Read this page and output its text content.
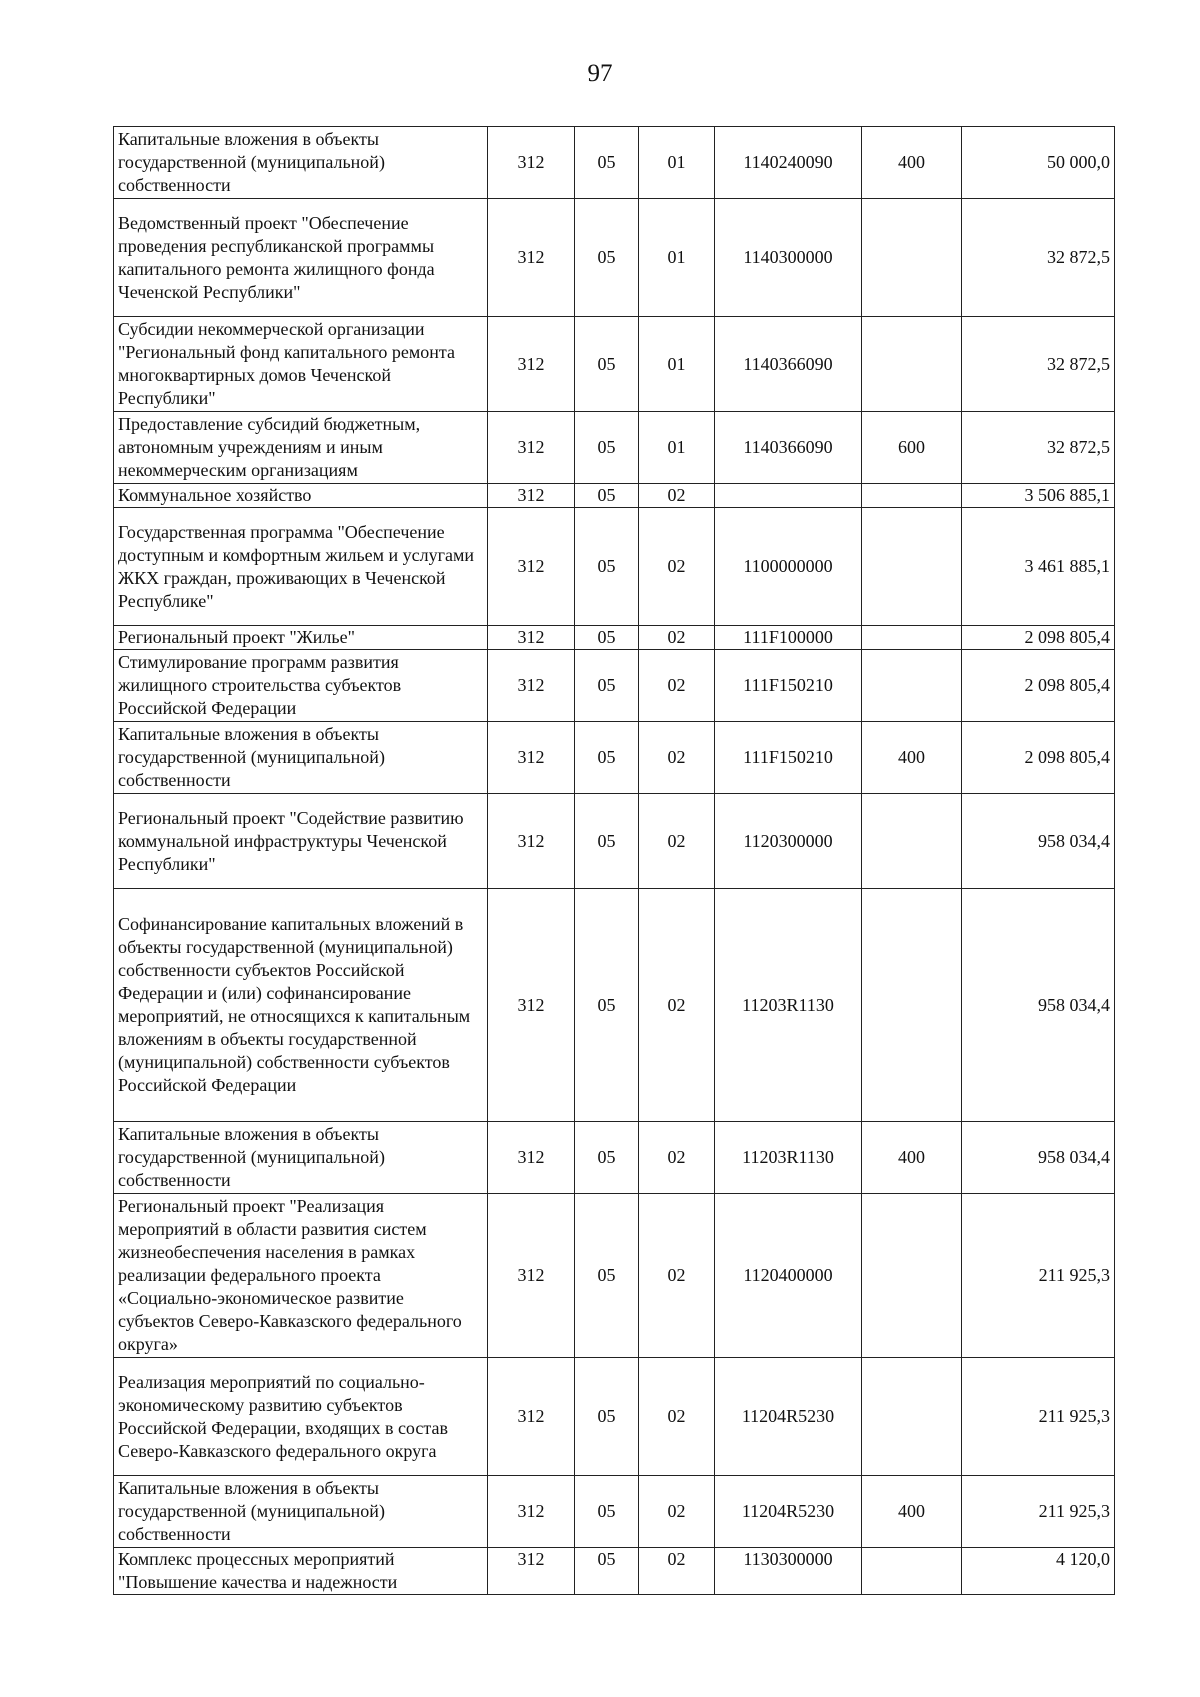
97
Капитальные вложения в объекты государственной (муниципальной) собственности	312	05	01	1140240090	400	50 000,0
Ведомственный проект "Обеспечение проведения республиканской программы капитального ремонта жилищного фонда Чеченской Республики"	312	05	01	1140300000		32 872,5
Субсидии некоммерческой организации "Региональный фонд капитального ремонта многоквартирных домов Чеченской Республики"	312	05	01	1140366090		32 872,5
Предоставление субсидий бюджетным, автономным учреждениям и иным некоммерческим организациям	312	05	01	1140366090	600	32 872,5
Коммунальное хозяйство	312	05	02			3 506 885,1
Государственная программа "Обеспечение доступным и комфортным жильем и услугами ЖКХ граждан, проживающих в Чеченской Республике"	312	05	02	1100000000		3 461 885,1
Региональный проект "Жилье"	312	05	02	111F100000		2 098 805,4
Стимулирование программ развития жилищного строительства субъектов Российской Федерации	312	05	02	111F150210		2 098 805,4
Капитальные вложения в объекты государственной (муниципальной) собственности	312	05	02	111F150210	400	2 098 805,4
Региональный проект "Содействие развитию коммунальной инфраструктуры Чеченской Республики"	312	05	02	1120300000		958 034,4
Софинансирование капитальных вложений в объекты государственной (муниципальной) собственности субъектов Российской Федерации и (или) софинансирование мероприятий, не относящихся к капитальным вложениям в объекты государственной (муниципальной) собственности субъектов Российской Федерации	312	05	02	11203R1130		958 034,4
Капитальные вложения в объекты государственной (муниципальной) собственности	312	05	02	11203R1130	400	958 034,4
Региональный проект "Реализация мероприятий в области развития систем жизнеобеспечения населения в рамках реализации федерального проекта «Социально-экономическое развитие субъектов Северо-Кавказского федерального округа»	312	05	02	1120400000		211 925,3
Реализация мероприятий по социально-экономическому развитию субъектов Российской Федерации, входящих в состав Северо-Кавказского федерального округа	312	05	02	11204R5230		211 925,3
Капитальные вложения в объекты государственной (муниципальной) собственности	312	05	02	11204R5230	400	211 925,3
Комплекс процессных мероприятий "Повышение качества и надежности	312	05	02	1130300000		4 120,0
